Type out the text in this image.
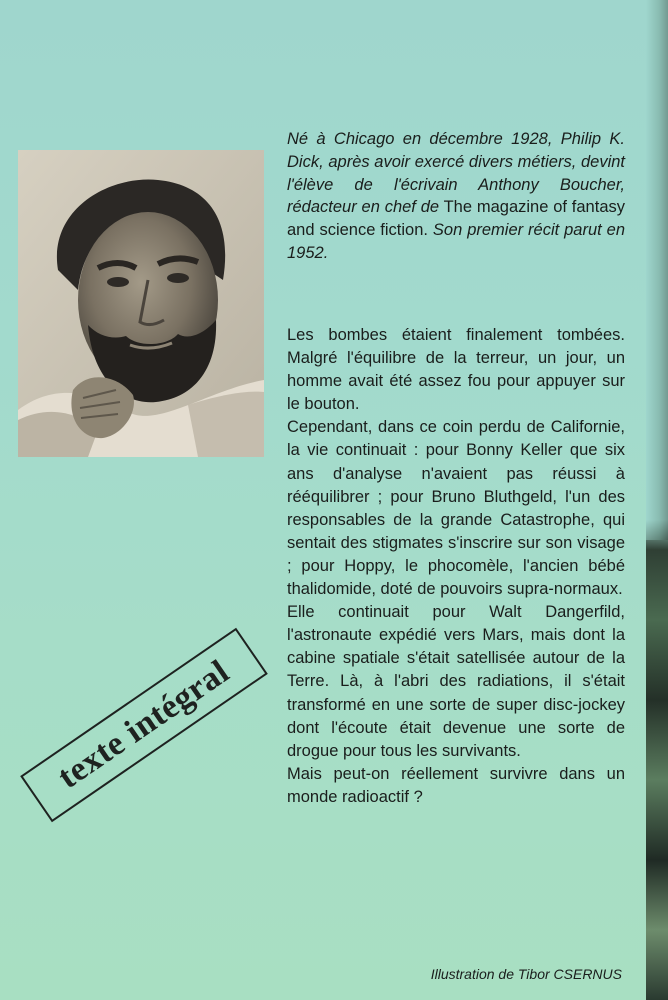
Né à Chicago en décembre 1928, Philip K. Dick, après avoir exercé divers métiers, devint l'élève de l'écrivain Anthony Boucher, rédacteur en chef de The magazine of fantasy and science fiction. Son premier récit parut en 1952.

Les bombes étaient finalement tombées. Malgré l'équilibre de la terreur, un jour, un homme avait été assez fou pour appuyer sur le bouton.

Cependant, dans ce coin perdu de Californie, la vie continuait : pour Bonny Keller que six ans d'analyse n'avaient pas réussi à rééquilibrer ; pour Bruno Bluthgeld, l'un des responsables de la grande Catastrophe, qui sentait des stigmates s'inscrire sur son visage ; pour Hoppy, le phocomèle, l'ancien bébé thalidomide, doté de pouvoirs supra-normaux.

Elle continuait pour Walt Dangerfild, l'astronaute expédié vers Mars, mais dont la cabine spatiale s'était satellisée autour de la Terre. Là, à l'abri des radiations, il s'était transformé en une sorte de super disc-jockey dont l'écoute était devenue une sorte de drogue pour tous les survivants.

Mais peut-on réellement survivre dans un monde radioactif ?

texte intégral
Illustration de Tibor CSERNUS
